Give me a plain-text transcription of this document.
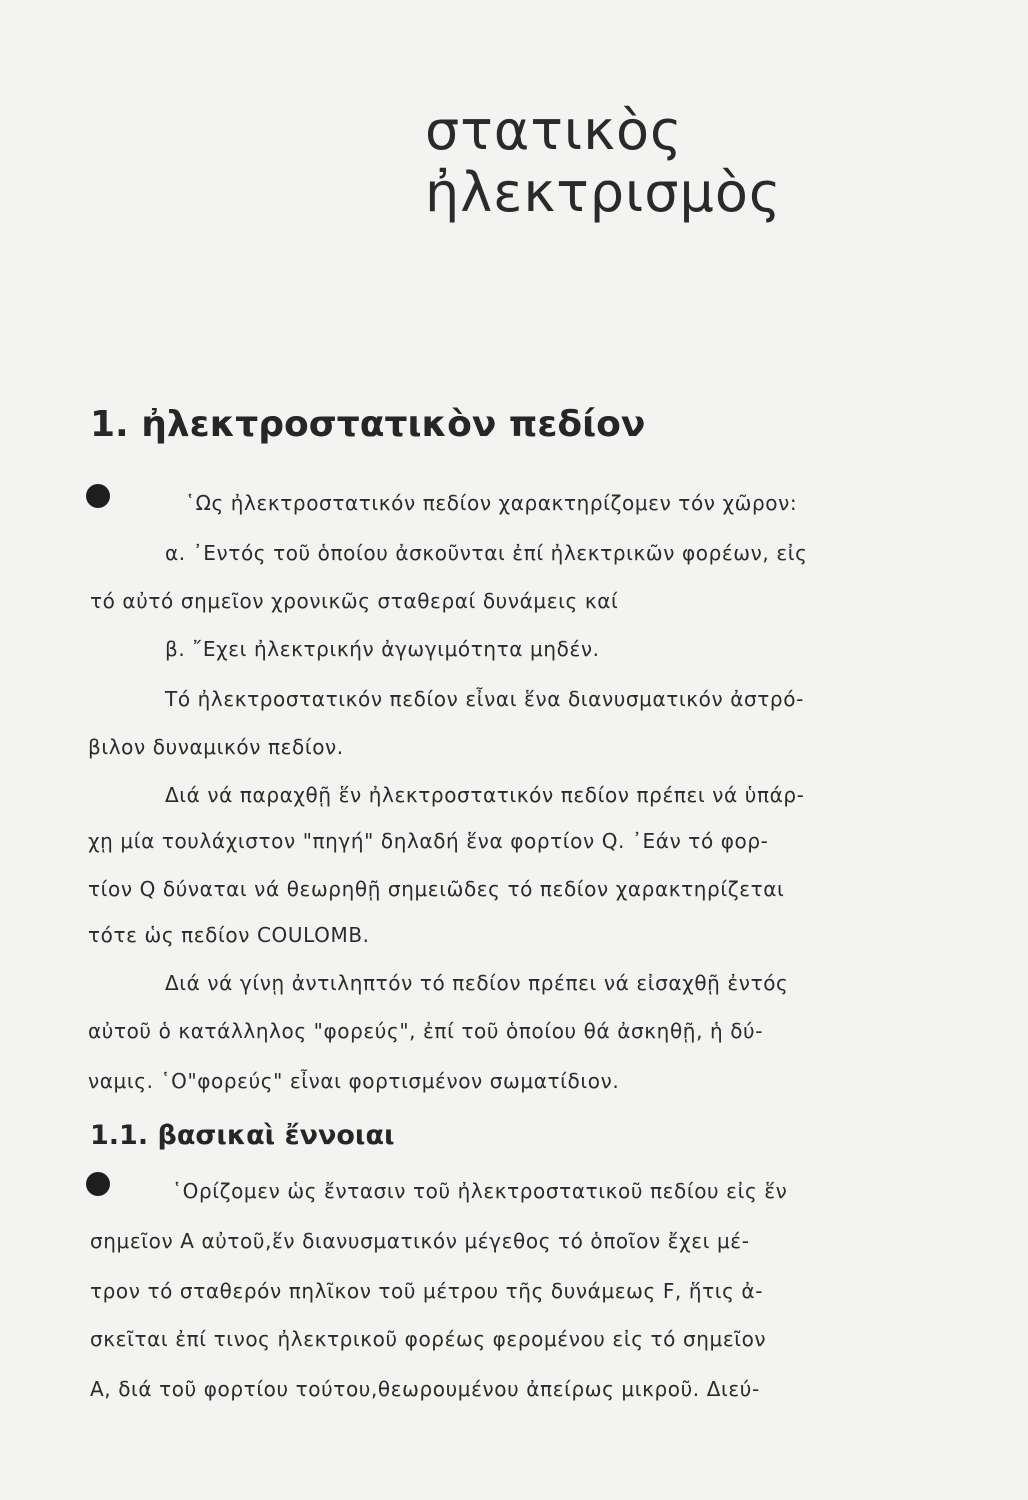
στατικὸς
ἠλεκτρισμὸς
1. ἠλεκτροστατικὸν πεδίον
῾Ως ἠλεκτροστατικόν πεδίον χαρακτηρίζομεν τόν χῶρον:
α. ᾿Εντός τοῦ ὁποίου ἀσκοῦνται ἐπί ἠλεκτρικῶν φορέων, εἰς
τό αὐτό σημεῖον χρονικῶς σταθεραί δυνάμεις καί
β. ῎Εχει ἠλεκτρικήν ἀγωγιμότητα μηδέν.
Τό ἠλεκτροστατικόν πεδίον εἶναι ἕνα διανυσματικόν ἀστρό-
βιλον δυναμικόν πεδίον.
Διά νά παραχθῇ ἕν ἠλεκτροστατικόν πεδίον πρέπει νά ὑπάρ-
χῃ μία τουλάχιστον "πηγή" δηλαδή ἕνα φορτίον Q. ᾿Εάν τό φορ-
τίον Q δύναται νά θεωρηθῇ σημειῶδες τό πεδίον χαρακτηρίζεται
τότε ὡς πεδίον COULOMB.
Διά νά γίνῃ ἀντιληπτόν τό πεδίον πρέπει νά εἰσαχθῇ ἐντός
αὐτοῦ ὁ κατάλληλος "φορεύς", ἐπί τοῦ ὁποίου θά ἀσκηθῇ, ἡ δύ-
ναμις. ῾Ο"φορεύς" εἶναι φορτισμένον σωματίδιον.
1.1. βασικαὶ ἔννοιαι
῾Ορίζομεν ὡς ἔντασιν τοῦ ἠλεκτροστατικοῦ πεδίου εἰς ἕν
σημεῖον Α αὐτοῦ,ἕν διανυσματικόν μέγεθος τό ὁποῖον ἔχει μέ-
τρον τό σταθερόν πηλῖκον τοῦ μέτρου τῆς δυνάμεως F, ἥτις ἀ-
σκεῖται ἐπί τινος ἠλεκτρικοῦ φορέως φερομένου εἰς τό σημεῖον
Α, διά τοῦ φορτίου τούτου,θεωρουμένου ἀπείρως μικροῦ. Διεύ-
